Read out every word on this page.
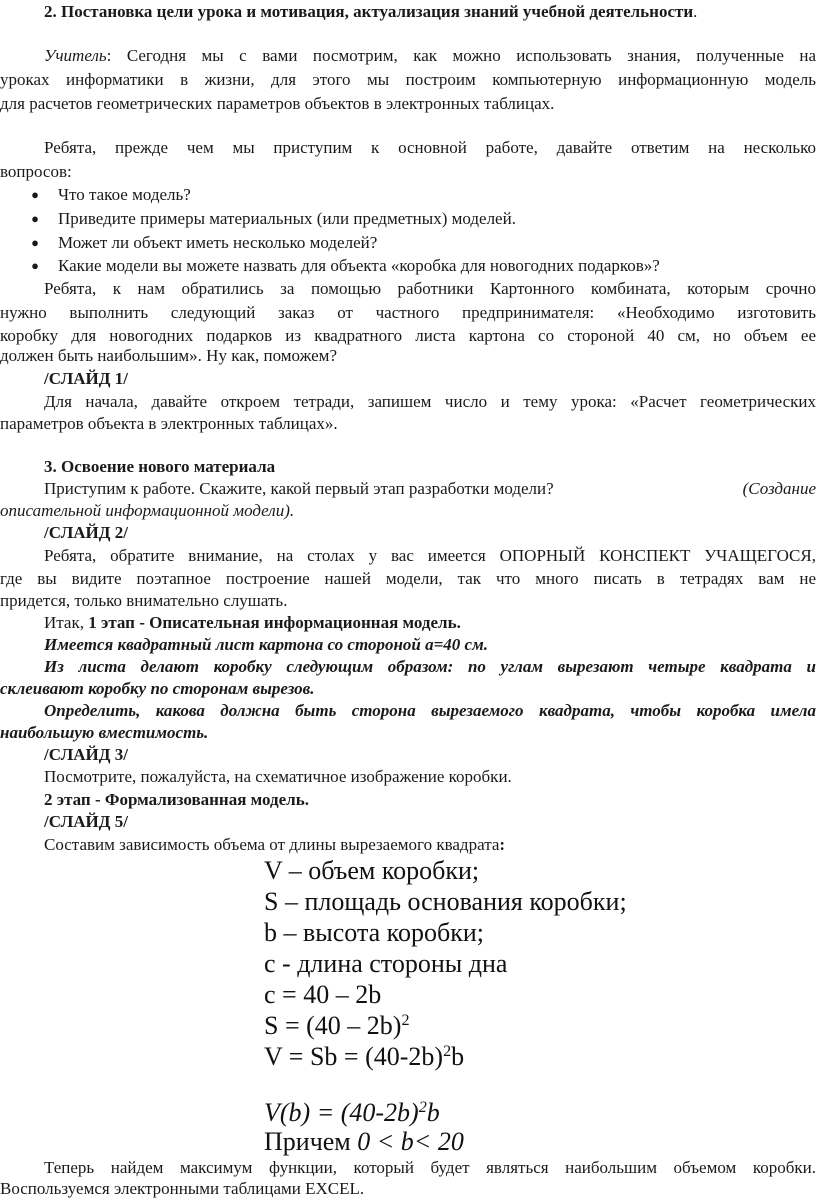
2. Постановка цели урока и мотивация, актуализация знаний учебной деятельности.
Учитель: Сегодня мы с вами посмотрим, как можно использовать знания, полученные на
уроках информатики в жизни, для этого мы построим компьютерную информационную модель
для расчетов геометрических параметров объектов в электронных таблицах.
Ребята, прежде чем мы приступим к основной работе, давайте ответим на несколько
вопросов:
● Что такое модель?
● Приведите примеры материальных (или предметных) моделей.
● Может ли объект иметь несколько моделей?
● Какие модели вы можете назвать для объекта «коробка для новогодних подарков»?
Ребята, к нам обратились за помощью работники Картонного комбината, которым срочно
нужно выполнить следующий заказ от частного предпринимателя: «Необходимо изготовить
коробку для новогодних подарков из квадратного листа картона со стороной 40 см, но объем ее
должен быть наибольшим». Ну как, поможем?
/СЛАЙД 1/
Для начала, давайте откроем тетради, запишем число и тему урока: «Расчет геометрических
параметров объекта в электронных таблицах».
3. Освоение нового материала
Приступим к работе. Скажите, какой первый этап разработки модели?	(Создание
описательной информационной модели).
/СЛАЙД 2/
Ребята, обратите внимание, на столах у вас имеется ОПОРНЫЙ КОНСПЕКТ УЧАЩЕГОСЯ,
где вы видите поэтапное построение нашей модели, так что много писать в тетрадях вам не
придется, только внимательно слушать.
Итак, 1 этап - Описательная информационная модель.
Имеется квадратный лист картона со стороной а=40 см.
Из листа делают коробку следующим образом: по углам вырезают четыре квадрата и
склеивают коробку по сторонам вырезов.
Определить, какова должна быть сторона вырезаемого квадрата, чтобы коробка имела
наибольшую вместимость.
/СЛАЙД 3/
Посмотрите, пожалуйста, на схематичное изображение коробки.
2 этап - Формализованная модель.
/СЛАЙД 5/
Составим зависимость объема от длины вырезаемого квадрата:
V – объем коробки;
S – площадь основания коробки;
b – высота коробки;
c - длина стороны дна
c = 40 – 2b
S = (40 – 2b)$^2$
$V = Sb = (40-2b)^2b$
$V(b) = (40-2b)^2b$
Причем 0 < b< 20
Теперь найдем максимум функции, который будет являться наибольшим объемом коробки.
Воспользуемся электронными таблицами EXCEL.
